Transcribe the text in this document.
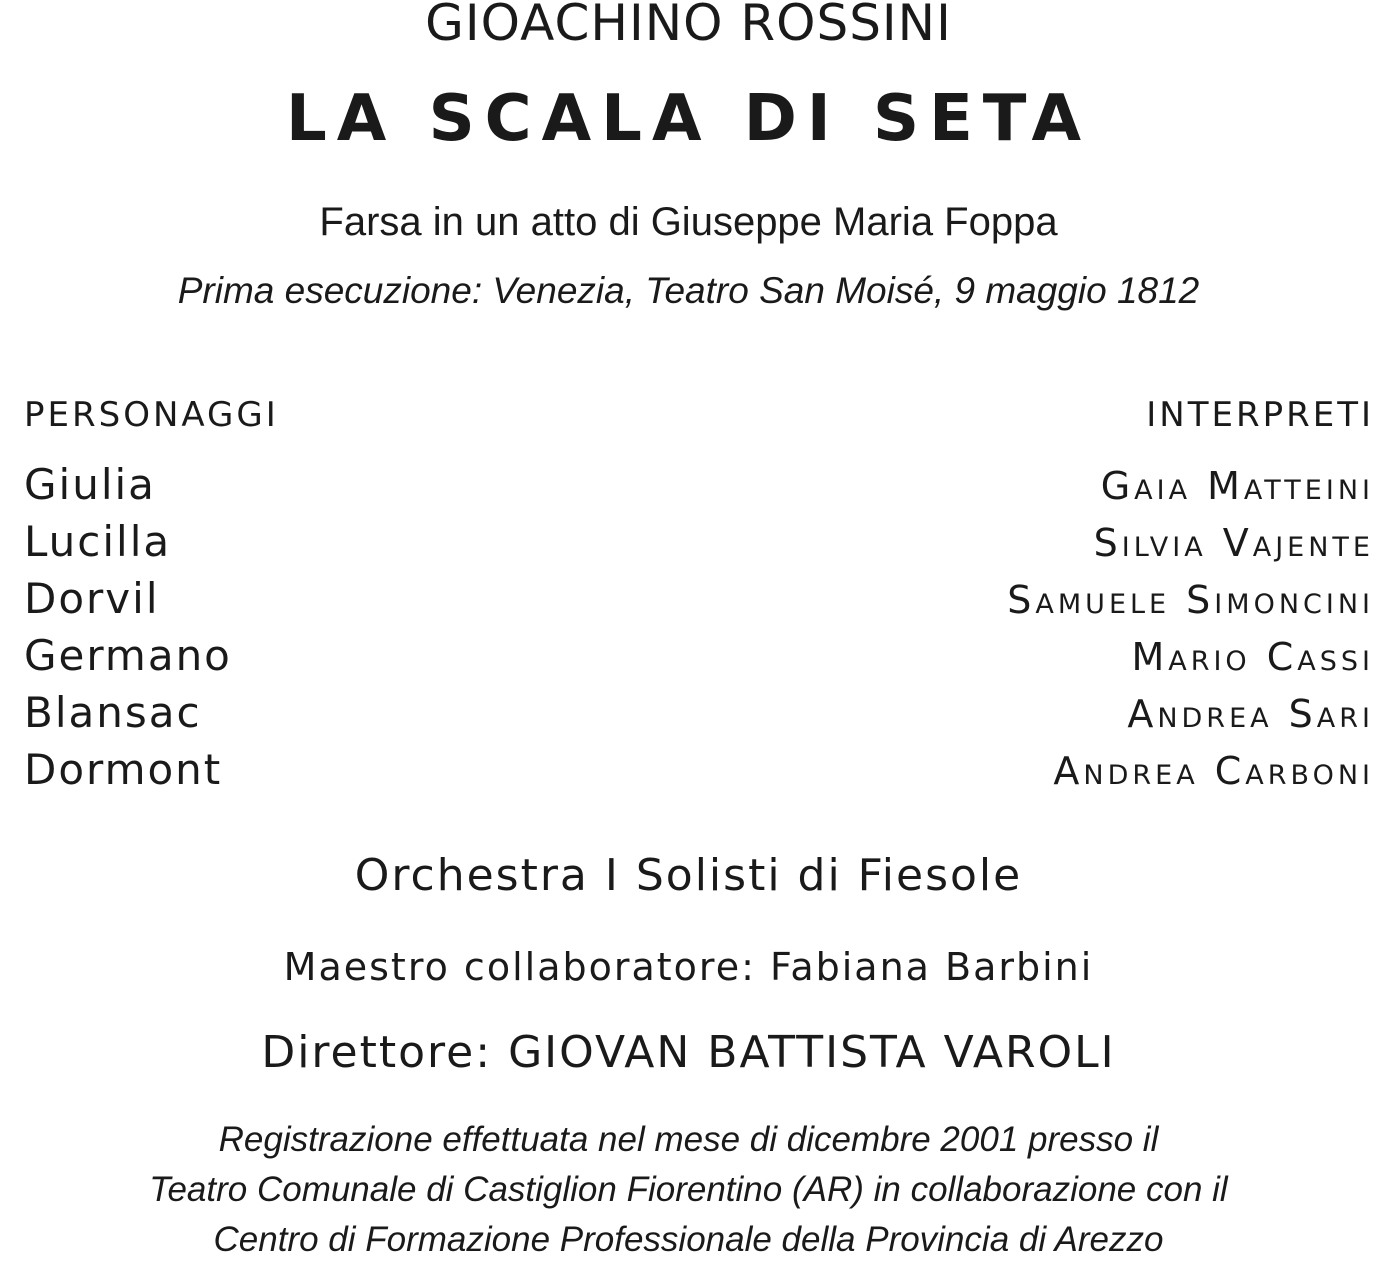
GIOACHINO ROSSINI
LA SCALA DI SETA

Farsa in un atto di Giuseppe Maria Foppa

Prima esecuzione: Venezia, Teatro San Moisé, 9 maggio 1812

PERSONAGGI	INTERPRETI
Giulia	Gaia Matteini
Lucilla	Silvia Vajente
Dorvil	Samuele Simoncini
Germano	Mario Cassi
Blansac	Andrea Sari
Dormont	Andrea Carboni

Orchestra I Solisti di Fiesole

Maestro collaboratore: Fabiana Barbini

Direttore: GIOVAN BATTISTA VAROLI

Registrazione effettuata nel mese di dicembre 2001 presso il
Teatro Comunale di Castiglion Fiorentino (AR) in collaborazione con il
Centro di Formazione Professionale della Provincia di Arezzo
